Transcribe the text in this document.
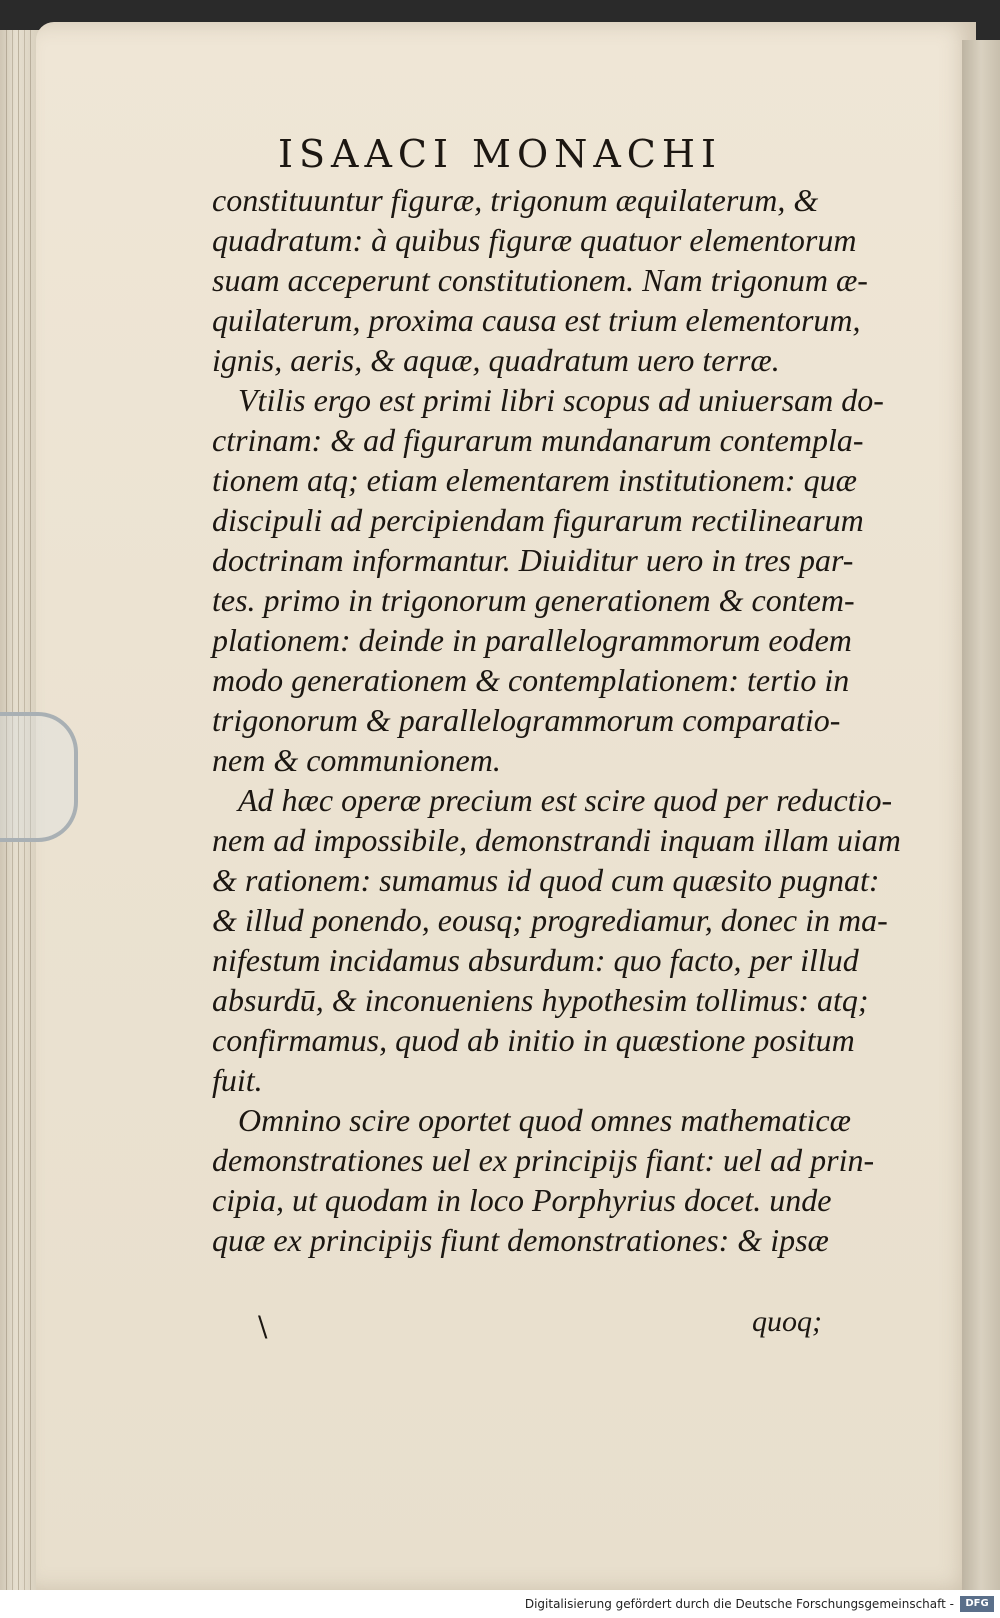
ISAACI MONACHI
constituuntur figuræ, trigonum æquilaterum, &
quadratum: à quibus figuræ quatuor elementorum
suam acceperunt constitutionem. Nam trigonum æ-
quilaterum, proxima causa est trium elementorum,
ignis, aeris, & aquæ, quadratum uero terræ.
Vtilis ergo est primi libri scopus ad uniuersam do-
ctrinam: & ad figurarum mundanarum contempla-
tionem atq; etiam elementarem institutionem: quæ
discipuli ad percipiendam figurarum rectilinearum
doctrinam informantur. Diuiditur uero in tres par-
tes. primo in trigonorum generationem & contem-
plationem: deinde in parallelogrammorum eodem
modo generationem & contemplationem: tertio in
trigonorum & parallelogrammorum comparatio-
nem & communionem.
Ad hæc operæ precium est scire quod per reductio-
nem ad impossibile, demonstrandi inquam illam uiam
& rationem: sumamus id quod cum quæsito pugnat:
& illud ponendo, eousq; progrediamur, donec in ma-
nifestum incidamus absurdum: quo facto, per illud
absurdū, & inconueniens hypothesim tollimus: atq;
confirmamus, quod ab initio in quæstione positum
fuit.
Omnino scire oportet quod omnes mathematicæ
demonstrationes uel ex principijs fiant: uel ad prin-
cipia, ut quodam in loco Porphyrius docet. unde
quæ ex principijs fiunt demonstrationes: & ipsæ
\	quoq;
Digitalisierung gefördert durch die Deutsche Forschungsgemeinschaft -	DFG
